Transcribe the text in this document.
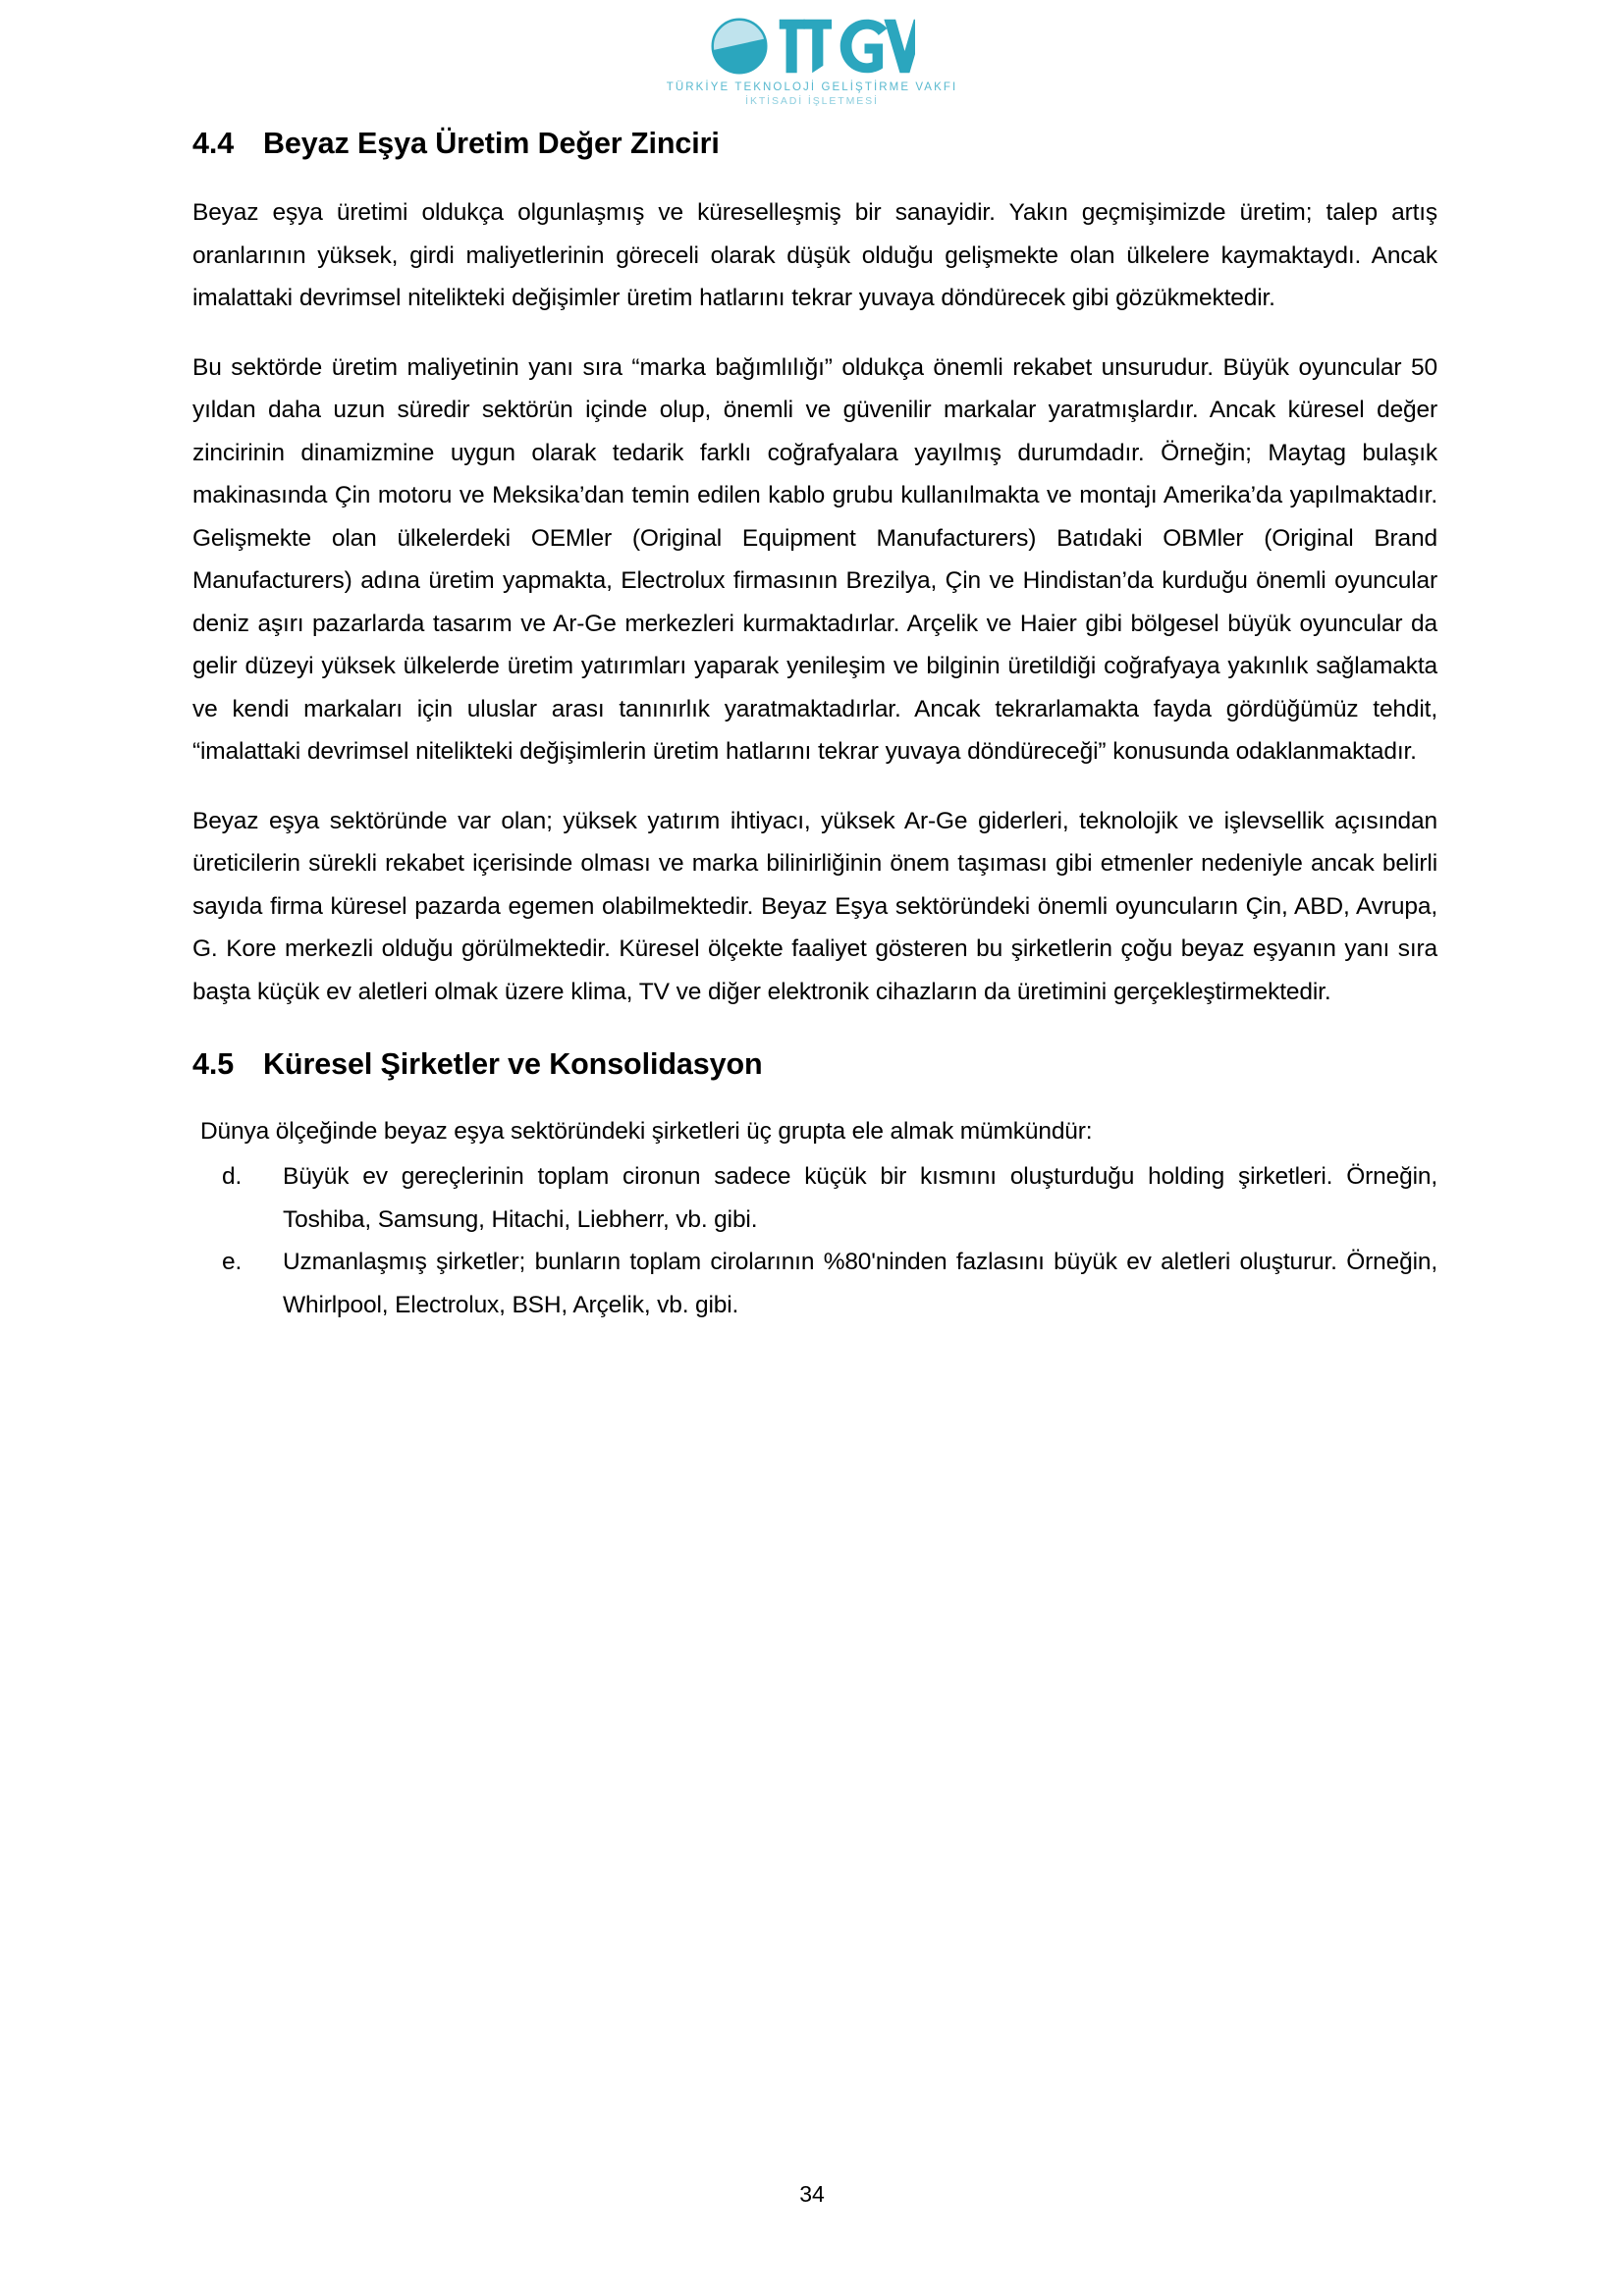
TÜRKİYE TEKNOLOJİ GELİŞTİRME VAKFI
İKTİSADİ İŞLETMESİ
4.4 Beyaz Eşya Üretim Değer Zinciri

Beyaz eşya üretimi oldukça olgunlaşmış ve küreselleşmiş bir sanayidir. Yakın geçmişimizde üretim; talep artış oranlarının yüksek, girdi maliyetlerinin göreceli olarak düşük olduğu gelişmekte olan ülkelere kaymaktaydı. Ancak imalattaki devrimsel nitelikteki değişimler üretim hatlarını tekrar yuvaya döndürecek gibi gözükmektedir.

Bu sektörde üretim maliyetinin yanı sıra “marka bağımlılığı” oldukça önemli rekabet unsurudur. Büyük oyuncular 50 yıldan daha uzun süredir sektörün içinde olup, önemli ve güvenilir markalar yaratmışlardır. Ancak küresel değer zincirinin dinamizmine uygun olarak tedarik farklı coğrafyalara yayılmış durumdadır. Örneğin; Maytag bulaşık makinasında Çin motoru ve Meksika’dan temin edilen kablo grubu kullanılmakta ve montajı Amerika’da yapılmaktadır. Gelişmekte olan ülkelerdeki OEMler (Original Equipment Manufacturers) Batıdaki OBMler (Original Brand Manufacturers) adına üretim yapmakta, Electrolux firmasının Brezilya, Çin ve Hindistan’da kurduğu önemli oyuncular deniz aşırı pazarlarda tasarım ve Ar-Ge merkezleri kurmaktadırlar. Arçelik ve Haier gibi bölgesel büyük oyuncular da gelir düzeyi yüksek ülkelerde üretim yatırımları yaparak yenileşim ve bilginin üretildiği coğrafyaya yakınlık sağlamakta ve kendi markaları için uluslar arası tanınırlık yaratmaktadırlar. Ancak tekrarlamakta fayda gördüğümüz tehdit, “imalattaki devrimsel nitelikteki değişimlerin üretim hatlarını tekrar yuvaya döndüreceği” konusunda odaklanmaktadır.

Beyaz eşya sektöründe var olan; yüksek yatırım ihtiyacı, yüksek Ar-Ge giderleri, teknolojik ve işlevsellik açısından üreticilerin sürekli rekabet içerisinde olması ve marka bilinirliğinin önem taşıması gibi etmenler nedeniyle ancak belirli sayıda firma küresel pazarda egemen olabilmektedir. Beyaz Eşya sektöründeki önemli oyuncuların Çin, ABD, Avrupa, G. Kore merkezli olduğu görülmektedir. Küresel ölçekte faaliyet gösteren bu şirketlerin çoğu beyaz eşyanın yanı sıra başta küçük ev aletleri olmak üzere klima, TV ve diğer elektronik cihazların da üretimini gerçekleştirmektedir.

4.5 Küresel Şirketler ve Konsolidasyon

Dünya ölçeğinde beyaz eşya sektöründeki şirketleri üç grupta ele almak mümkündür:

d.	Büyük ev gereçlerinin toplam cironun sadece küçük bir kısmını oluşturduğu holding şirketleri. Örneğin, Toshiba, Samsung, Hitachi, Liebherr, vb. gibi.
e.	Uzmanlaşmış şirketler; bunların toplam cirolarının %80'ninden fazlasını büyük ev aletleri oluşturur. Örneğin, Whirlpool, Electrolux, BSH, Arçelik, vb. gibi.
34
